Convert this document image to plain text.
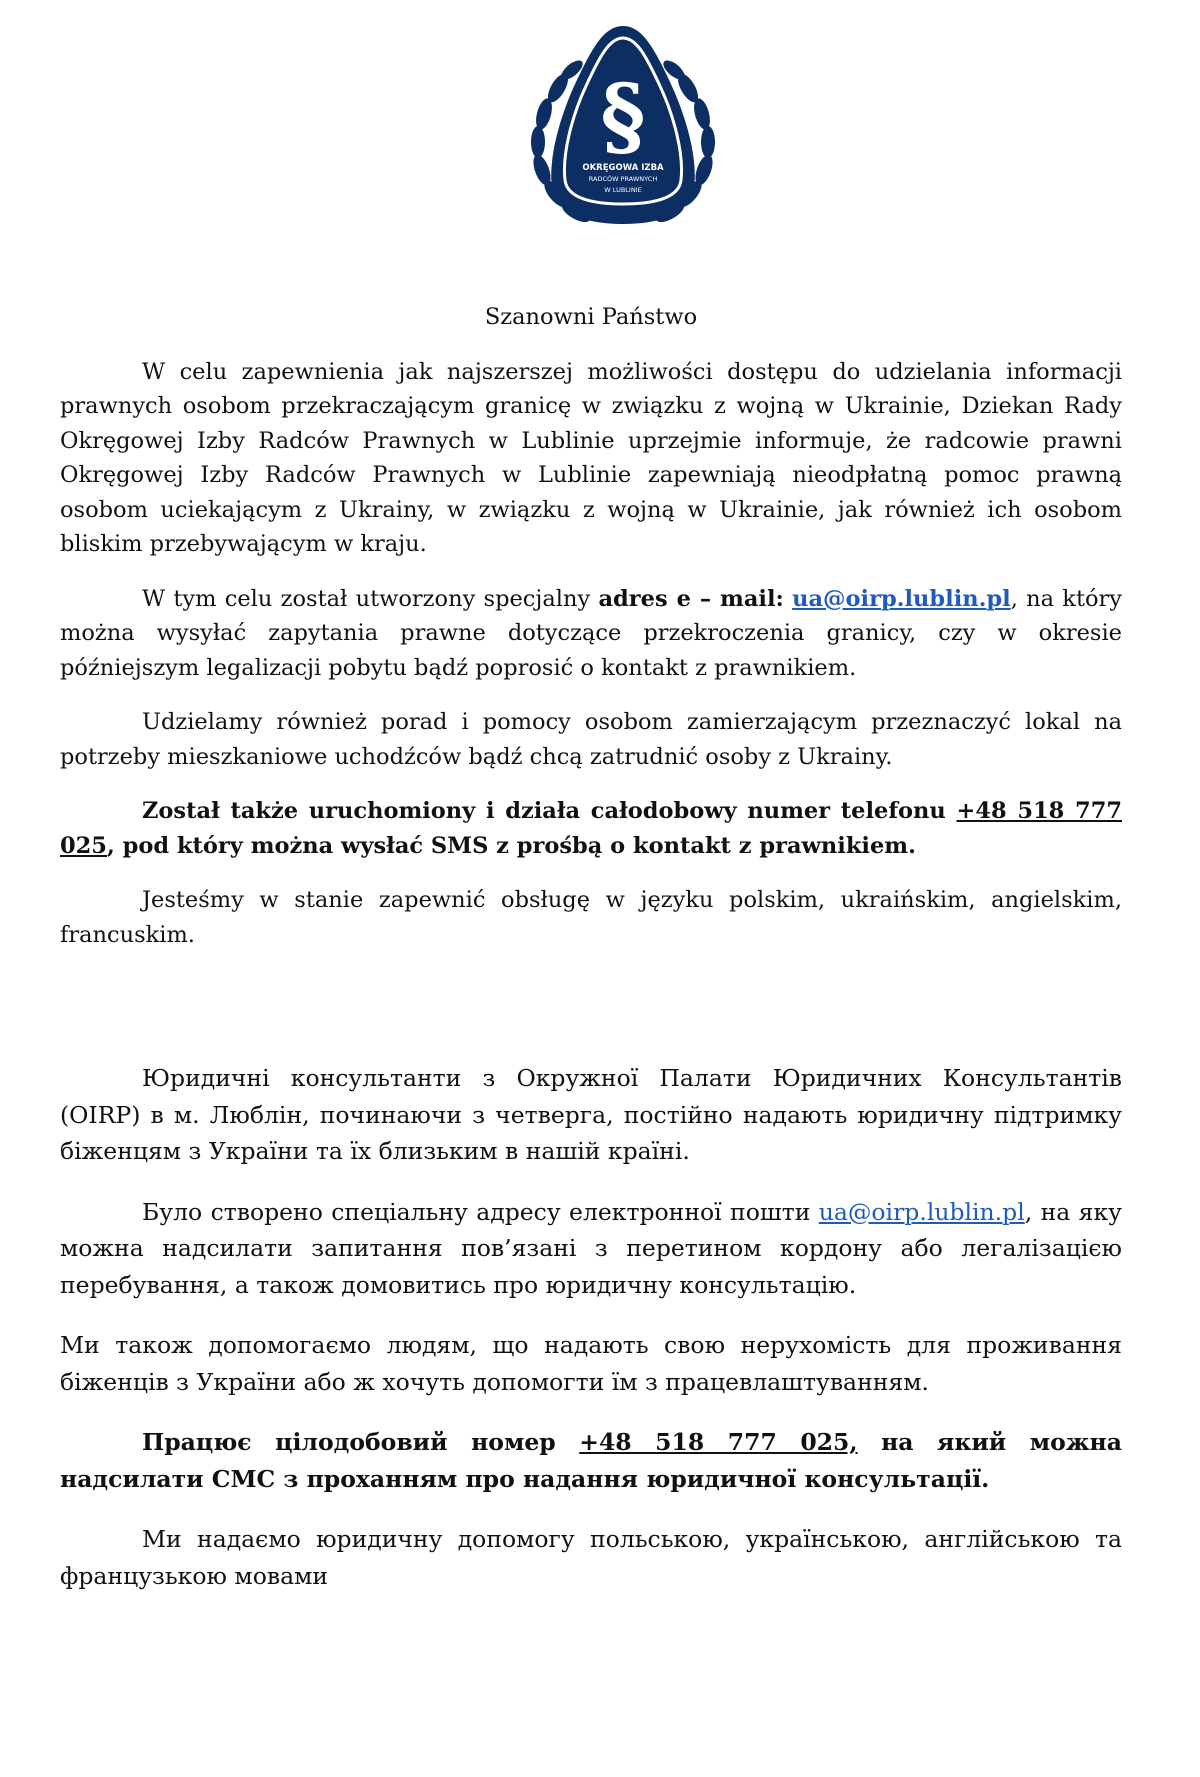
§
OKRĘGOWA IZBA
RADCÓW PRAWNYCH
W LUBLINIE

Szanowni Państwo

W celu zapewnienia jak najszerszej możliwości dostępu do udzielania informacji prawnych osobom przekraczającym granicę w związku z wojną w Ukrainie, Dziekan Rady Okręgowej Izby Radców Prawnych w Lublinie uprzejmie informuje, że radcowie prawni Okręgowej Izby Radców Prawnych w Lublinie zapewniają nieodpłatną pomoc prawną osobom uciekającym z Ukrainy, w związku z wojną w Ukrainie, jak również ich osobom bliskim przebywającym w kraju.

W tym celu został utworzony specjalny adres e – mail: ua@oirp.lublin.pl, na który można wysyłać zapytania prawne dotyczące przekroczenia granicy, czy w okresie późniejszym legalizacji pobytu bądź poprosić o kontakt z prawnikiem.

Udzielamy również porad i pomocy osobom zamierzającym przeznaczyć lokal na potrzeby mieszkaniowe uchodźców bądź chcą zatrudnić osoby z Ukrainy.

Został także uruchomiony i działa całodobowy numer telefonu +48 518 777 025, pod który można wysłać SMS z prośbą o kontakt z prawnikiem.

Jesteśmy w stanie zapewnić obsługę w języku polskim, ukraińskim, angielskim, francuskim.

Юридичні консультанти з Окружної Палати Юридичних Консультантів (OIRP) в м. Люблін, починаючи з четверга, постійно надають юридичну підтримку біженцям з України та їх близьким в нашій країні.

Було створено спеціальну адресу електронної пошти ua@oirp.lublin.pl, на яку можна надсилати запитання пов’язані з перетином кордону або легалізацією перебування, а також домовитись про юридичну консультацію.

Ми також допомогаємо людям, що надають свою нерухомість для проживання біженців з України або ж хочуть допомогти їм з працевлаштуванням.

Працює цілодобовий номер +48 518 777 025, на який можна надсилати СМС з проханням про надання юридичної консультації.

Ми надаємо юридичну допомогу польською, українською, англійською та французькою мовами
